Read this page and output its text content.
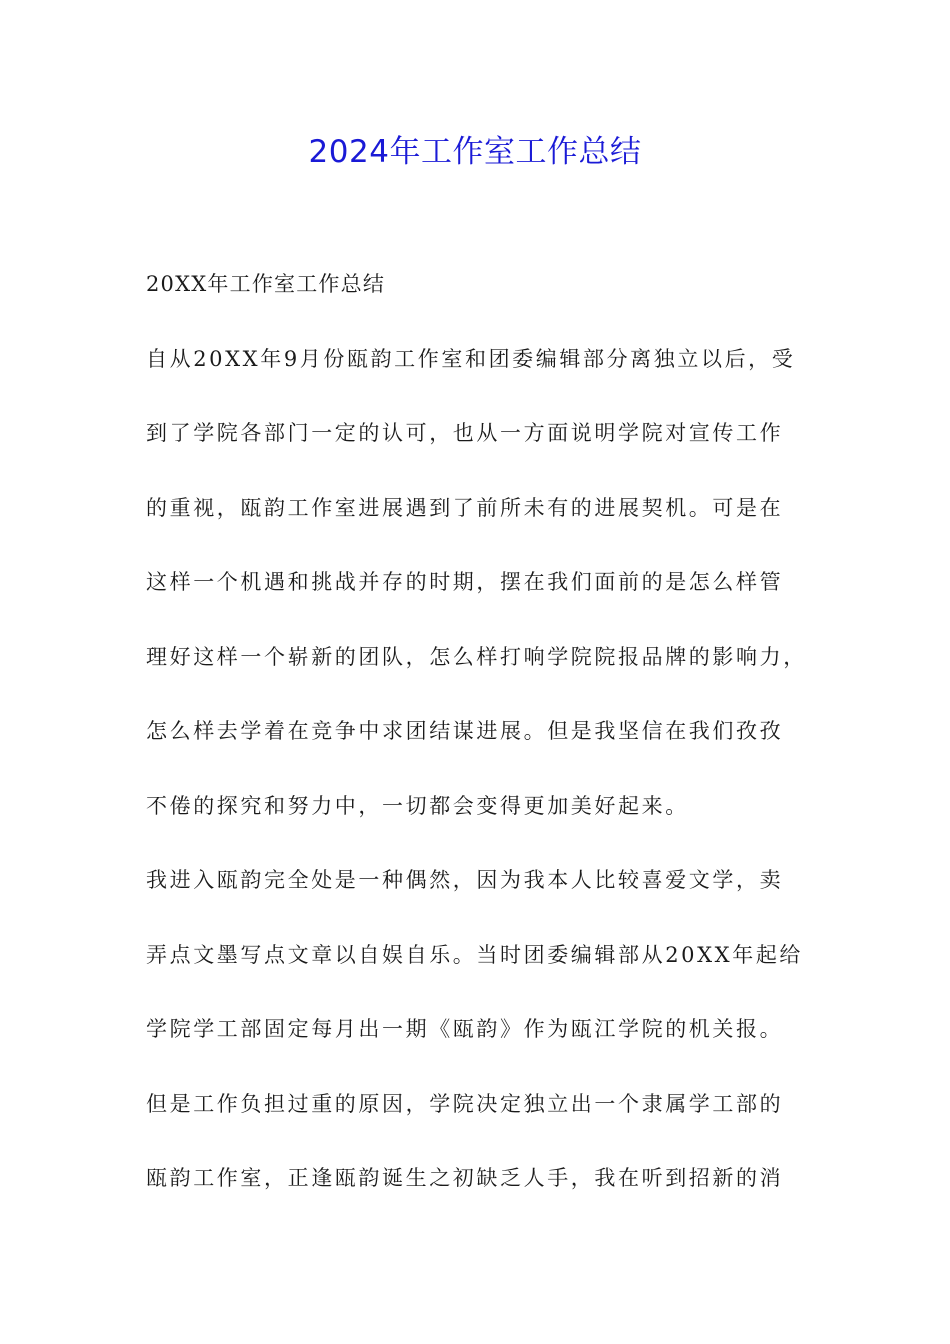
2024年工作室工作总结
20XX年工作室工作总结
自从20XX年9月份瓯韵工作室和团委编辑部分离独立以后，受
到了学院各部门一定的认可，也从一方面说明学院对宣传工作
的重视，瓯韵工作室进展遇到了前所未有的进展契机。可是在
这样一个机遇和挑战并存的时期，摆在我们面前的是怎么样管
理好这样一个崭新的团队，怎么样打响学院院报品牌的影响力，
怎么样去学着在竞争中求团结谋进展。但是我坚信在我们孜孜
不倦的探究和努力中，一切都会变得更加美好起来。
我进入瓯韵完全处是一种偶然，因为我本人比较喜爱文学，卖
弄点文墨写点文章以自娱自乐。当时团委编辑部从20XX年起给
学院学工部固定每月出一期《瓯韵》作为瓯江学院的机关报。
但是工作负担过重的原因，学院决定独立出一个隶属学工部的
瓯韵工作室，正逢瓯韵诞生之初缺乏人手，我在听到招新的消
